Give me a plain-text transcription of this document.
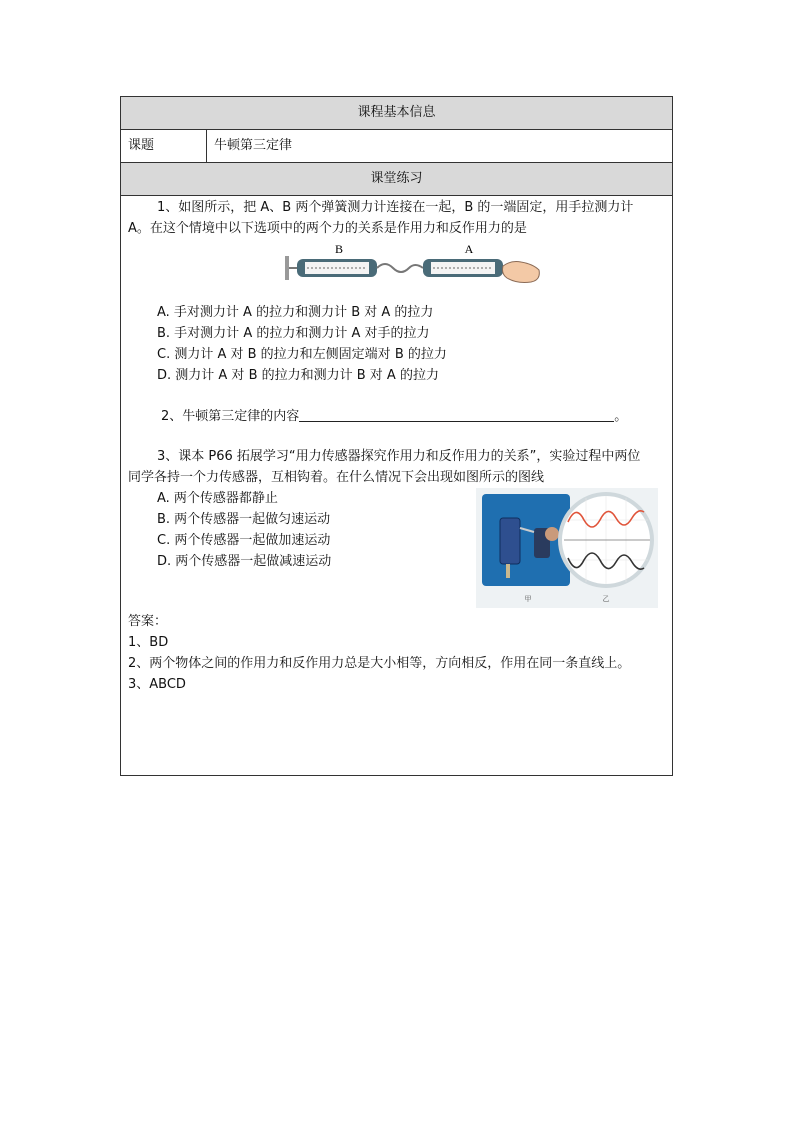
课程基本信息
课题	牛顿第三定律
课堂练习
1、如图所示，把 A、B 两个弹簧测力计连接在一起，B 的一端固定，用手拉测力计
A。在这个情境中以下选项中的两个力的关系是作用力和反作用力的是
B	A
A. 手对测力计 A 的拉力和测力计 B 对 A 的拉力
B. 手对测力计 A 的拉力和测力计 A 对手的拉力
C. 测力计 A 对 B 的拉力和左侧固定端对 B 的拉力
D. 测力计 A 对 B 的拉力和测力计 B 对 A 的拉力
2、牛顿第三定律的内容	。
3、课本 P66 拓展学习“用力传感器探究作用力和反作用力的关系”，实验过程中两位
同学各持一个力传感器，互相钩着。在什么情况下会出现如图所示的图线
A. 两个传感器都静止
B. 两个传感器一起做匀速运动
C. 两个传感器一起做加速运动
D. 两个传感器一起做减速运动
甲	乙
答案：
1、BD
2、两个物体之间的作用力和反作用力总是大小相等，方向相反，作用在同一条直线上。
3、ABCD
